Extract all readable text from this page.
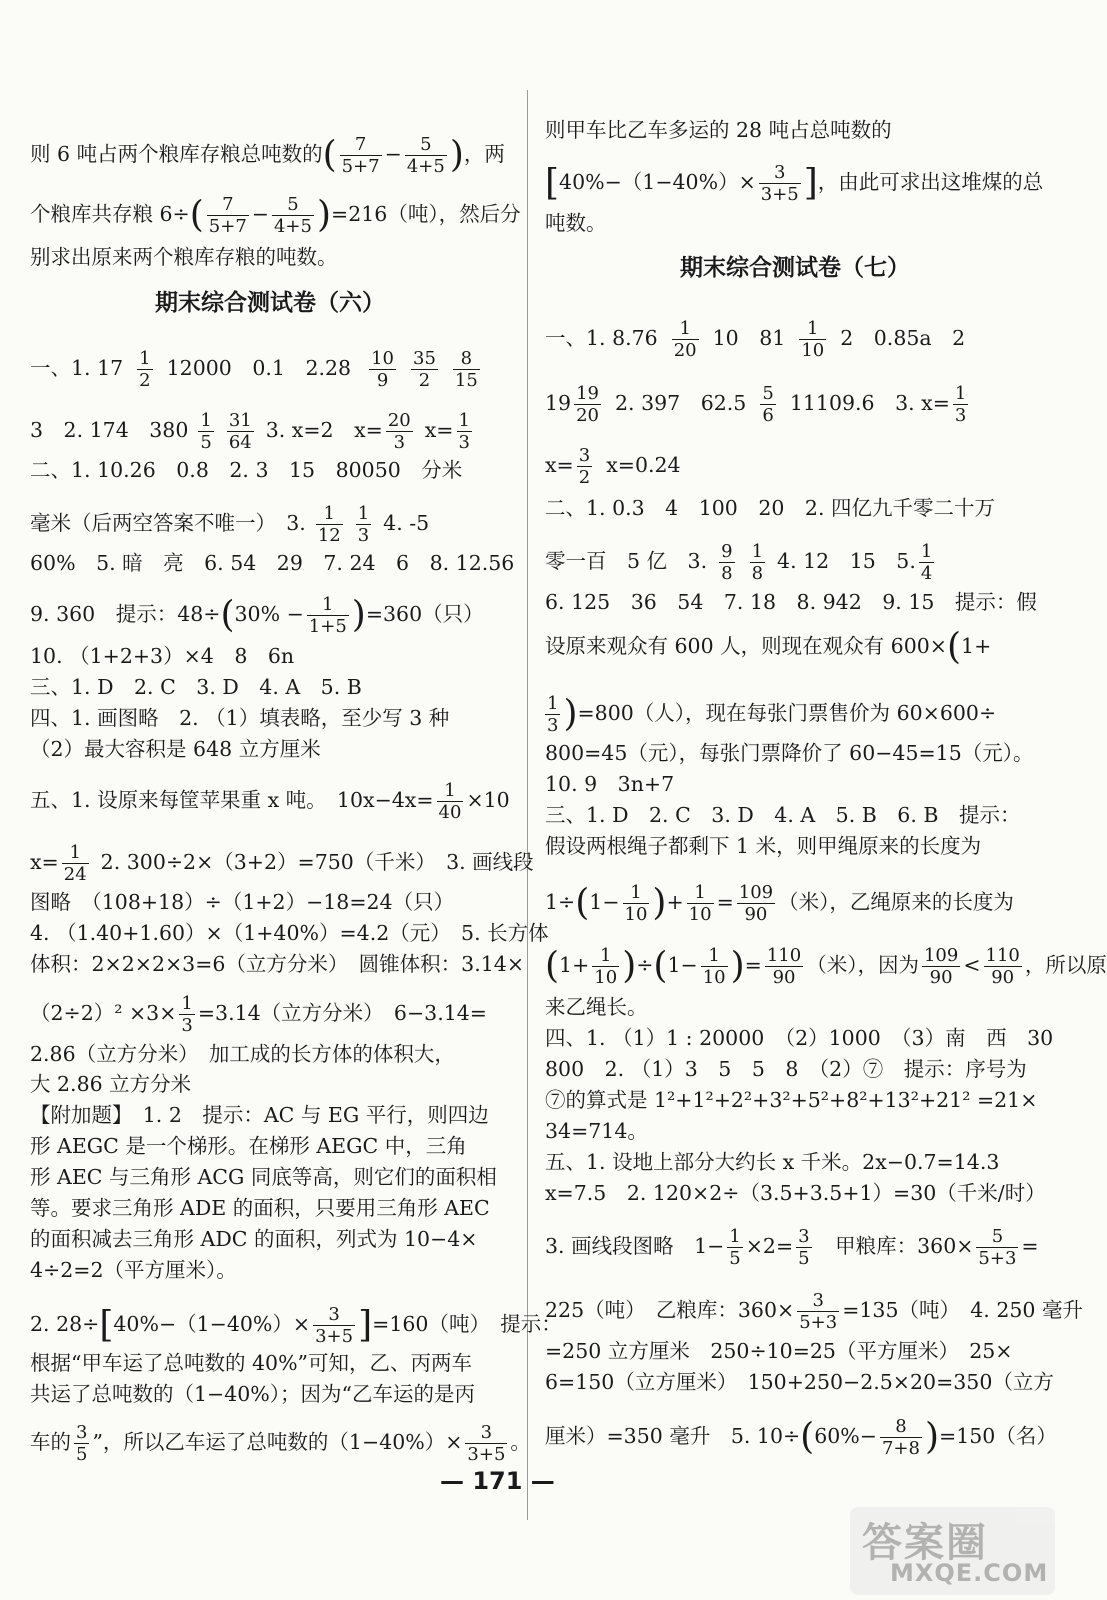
则 6 吨占两个粮库存粮总吨数的( $\frac{7}{5+7} - \frac{5}{4+5}$ )，两
个粮库共存粮 $6\div( \frac{7}{5+7} - \frac{5}{4+5} )=216$（吨），然后分
别求出原来两个粮库存粮的吨数。
期末综合测试卷（六）
一、1. $17 \frac{1}{2} 12000$　0.1　$2.28 \frac{10}{9} \frac{35}{2} \frac{8}{15}$
3　2. 174　$380 \frac{1}{5} \frac{31}{64} 3$. x=2　$x= \frac{20}{3} x= \frac{1}{3}$
二、1. 10.26　0.8　2. 3　15　80050　分米
毫米（后两空答案不唯一）　3. $\frac{1}{12} \frac{1}{3} 4$. -5
60%　5. 暗　亮　6. 54　29　7. 24　6　8. 12.56
9. 360　提示：$48\div(30\% - \frac{1}{1+5} )=360$（只）
10. （1+2+3）×4　8　6n
三、1. D　2. C　3. D　4. A　5. B
四、1. 画图略　2. （1）填表略，至少写 3 种
（2）最大容积是 648 立方厘米
五、1. 设原来每筐苹果重 x 吨。　$10x-4x= \frac{1}{40} \times 10$
$x= \frac{1}{24} 2$. 300÷2×（3+2）=750（千米）　3. 画线段
图略　（108+18）÷（1+2）−18=24（只）
4. （1.40+1.60）×（1+40%）=4.2（元）　5. 长方体
体积：2×2×2×3=6（立方分米）　圆锥体积：3.14×
$(2\div 2)^2 \times 3\times \frac{1}{3} =3.14$（立方分米）　6−3.14=
2.86（立方分米）　加工成的长方体的体积大，
大 2.86 立方分米
【附加题】　1. 2　提示：AC 与 EG 平行，则四边
形 AEGC 是一个梯形。在梯形 AEGC 中，三角
形 AEC 与三角形 ACG 同底等高，则它们的面积相
等。要求三角形 ADE 的面积，只要用三角形 AEC
的面积减去三角形 ADC 的面积，列式为 10−4×
4÷2=2（平方厘米）。
2. $28\div[40\%-(1-40\%)\times \frac{3}{3+5} ]=160$（吨）　提示：
根据“甲车运了总吨数的 40%”可知，乙、丙两车
共运了总吨数的（1−40%）；因为“乙车运的是丙
车的 $\frac{3}{5}$ ”，所以乙车运了总吨数的$(1-40\%)\times \frac{3}{3+5}$ 。
则甲车比乙车多运的 28 吨占总吨数的
[$40\%-(1-40\%)\times \frac{3}{3+5}$ ]，由此可求出这堆煤的总
吨数。
期末综合测试卷（七）
一、1. $8.76 \frac{1}{20} 10$　$81 \frac{1}{10} 2$　0.85a　2
$19 \frac{19}{20} 2$. 397　$62.5 \frac{5}{6} 11109.6$　3. $x= \frac{1}{3}$
$x= \frac{3}{2} x=0.24$
二、1. 0.3　4　100　20　2. 四亿九千零二十万
零一百　5 亿　3. $\frac{9}{8} \frac{1}{8} 4$. 12　15　5. $\frac{1}{4}$
6. 125　36　54　7. 18　8. 942　9. 15　提示：假
设原来观众有 600 人，则现在观众有 600×(1+
$\frac{1}{3} )=800$（人），现在每张门票售价为 60×600÷
800=45（元），每张门票降价了 60−45=15（元）。
10. 9　3n+7
三、1. D　2. C　3. D　4. A　5. B　6. B　提示：
假设两根绳子都剩下 1 米，则甲绳原来的长度为
$1\div(1- \frac{1}{10}$ )+ $\frac{1}{10} = \frac{109}{90}$ （米），乙绳原来的长度为
$(1+ \frac{1}{10} )\div(1- \frac{1}{10}$ )= $\frac{110}{90}$ （米），因为 $\frac{109}{90} < \frac{110}{90}$ ，所以原
来乙绳长。
四、1. （1）1 : 20000　（2）1000　（3）南　西　30
800　2. （1）3　5　5　8　（2）⑦　提示：序号为
⑦的算式是 1²+1²+2²+3²+5²+8²+13²+21² =21×
34=714。
五、1. 设地上部分大约长 x 千米。2x−0.7=14.3
x=7.5　2. 120×2÷（3.5+3.5+1）=30（千米/时）
3. 画线段图略　$1- \frac{1}{5} \times 2= \frac{3}{5}$ 　甲粮库：$360\times \frac{5}{5+3}$ =
225（吨）　乙粮库：$360\times \frac{3}{5+3} =135$（吨）　4. 250 毫升
=250 立方厘米　250÷10=25（平方厘米）　25×
6=150（立方厘米）　150+250−2.5×20=350（立方
厘米）=350 毫升　5. $10\div(60\%- \frac{8}{7+8} )=150$（名）
— 171 —
答案圈
MXQE.COM
